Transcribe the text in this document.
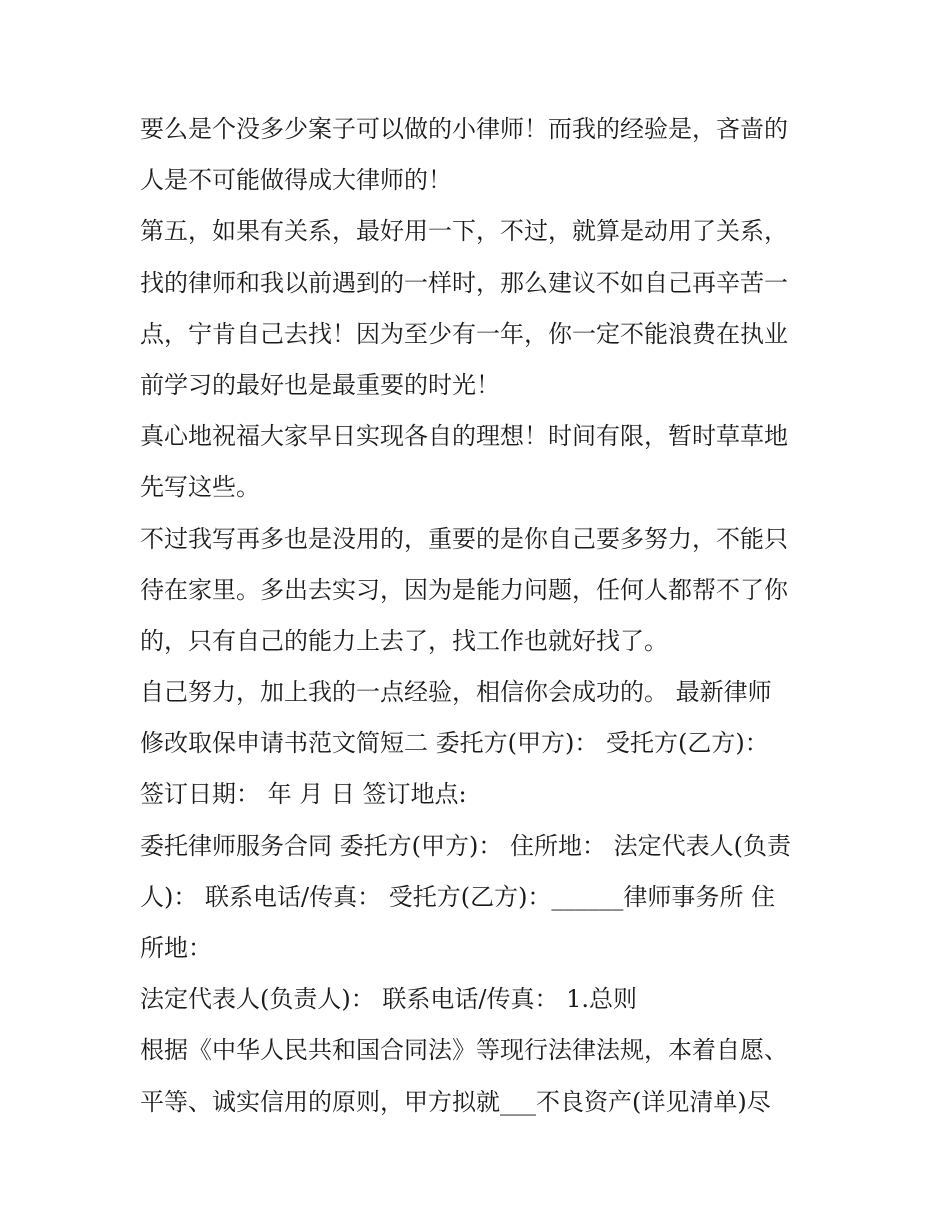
要么是个没多少案子可以做的小律师！而我的经验是，吝啬的
人是不可能做得成大律师的！
第五，如果有关系，最好用一下，不过，就算是动用了关系，
找的律师和我以前遇到的一样时，那么建议不如自己再辛苦一
点，宁肯自己去找！因为至少有一年，你一定不能浪费在执业
前学习的最好也是最重要的时光！
真心地祝福大家早日实现各自的理想！时间有限，暂时草草地
先写这些。
不过我写再多也是没用的，重要的是你自己要多努力，不能只
待在家里。多出去实习，因为是能力问题，任何人都帮不了你
的，只有自己的能力上去了，找工作也就好找了。
自己努力，加上我的一点经验，相信你会成功的。 最新律师
修改取保申请书范文简短二 委托方(甲方)： 受托方(乙方)：
签订日期： 年 月 日 签订地点:
委托律师服务合同 委托方(甲方)： 住所地： 法定代表人(负责
人)： 联系电话/传真： 受托方(乙方)：______律师事务所 住
所地：
法定代表人(负责人)： 联系电话/传真： 1.总则
根据《中华人民共和国合同法》等现行法律法规，本着自愿、
平等、诚实信用的原则，甲方拟就___不良资产(详见清单)尽
